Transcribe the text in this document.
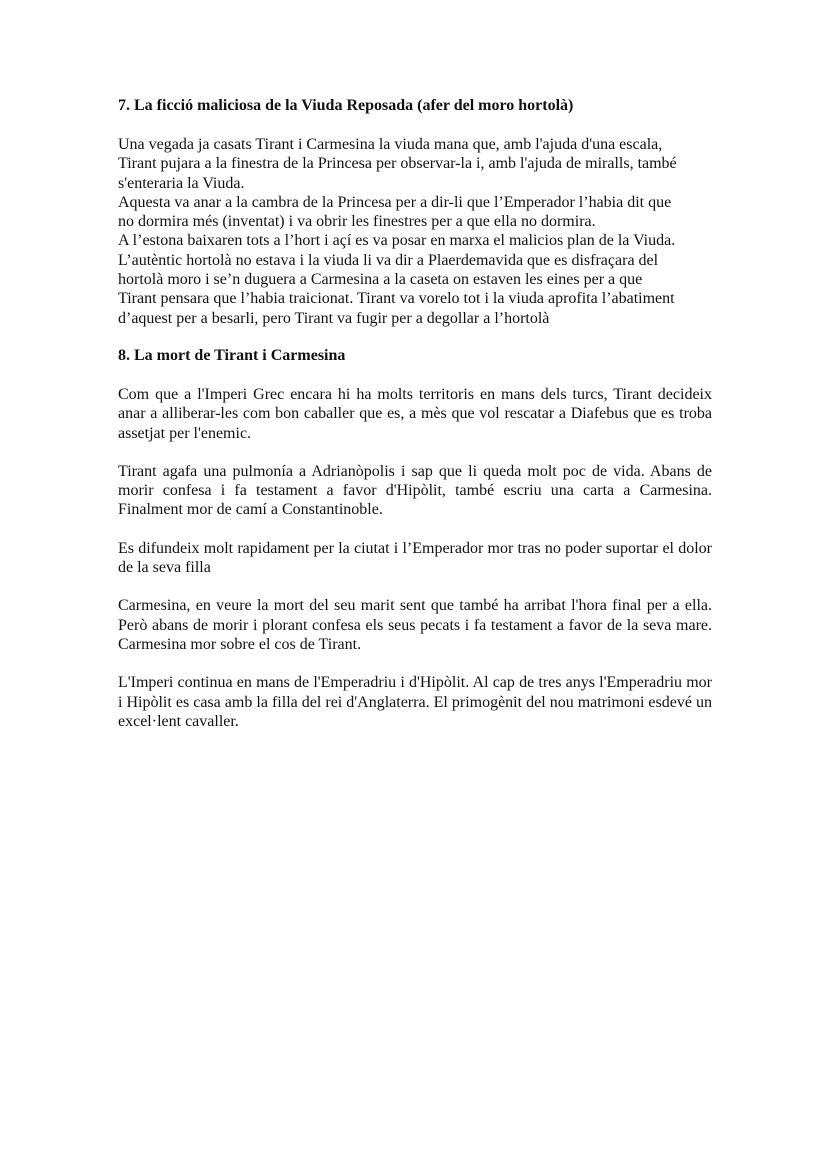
7. La ficció maliciosa de la Viuda Reposada (afer del moro hortolà)

Una vegada ja casats Tirant i Carmesina la viuda mana que, amb l'ajuda d'una escala,
Tirant pujara a la finestra de la Princesa per observar-la i, amb l'ajuda de miralls, també
s'enteraria la Viuda.
Aquesta va anar a la cambra de la Princesa per a dir-li que l’Emperador l’habia dit que
no dormira més (inventat) i va obrir les finestres per a que ella no dormira.
A l’estona baixaren tots a l’hort i açí es va posar en marxa el malicios plan de la Viuda.
L’autèntic hortolà no estava i la viuda li va dir a Plaerdemavida que es disfraçara del
hortolà moro i se’n duguera a Carmesina a la caseta on estaven les eines per a que
Tirant pensara que l’habia traicionat. Tirant va vorelo tot i la viuda aprofita l’abatiment
d’aquest per a besarli, pero Tirant va fugir per a degollar a l’hortolà

8. La mort de Tirant i Carmesina

Com que a l'Imperi Grec encara hi ha molts territoris en mans dels turcs, Tirant decideix anar a alliberar-les com bon caballer que es, a mès que vol rescatar a Diafebus que es troba assetjat per l'enemic.

Tirant agafa una pulmonía a Adrianòpolis i sap que li queda molt poc de vida. Abans de morir confesa i fa testament a favor d'Hipòlit, també escriu una carta a Carmesina. Finalment mor de camí a Constantinoble.

Es difundeix molt rapidament per la ciutat i l’Emperador mor tras no poder suportar el dolor de la seva filla

Carmesina, en veure la mort del seu marit sent que també ha arribat l'hora final per a ella. Però abans de morir i plorant confesa els seus pecats i fa testament a favor de la seva mare. Carmesina mor sobre el cos de Tirant.

L'Imperi continua en mans de l'Emperadriu i d'Hipòlit. Al cap de tres anys l'Emperadriu mor i Hipòlit es casa amb la filla del rei d'Anglaterra. El primogènit del nou matrimoni esdevé un excel·lent cavaller.
